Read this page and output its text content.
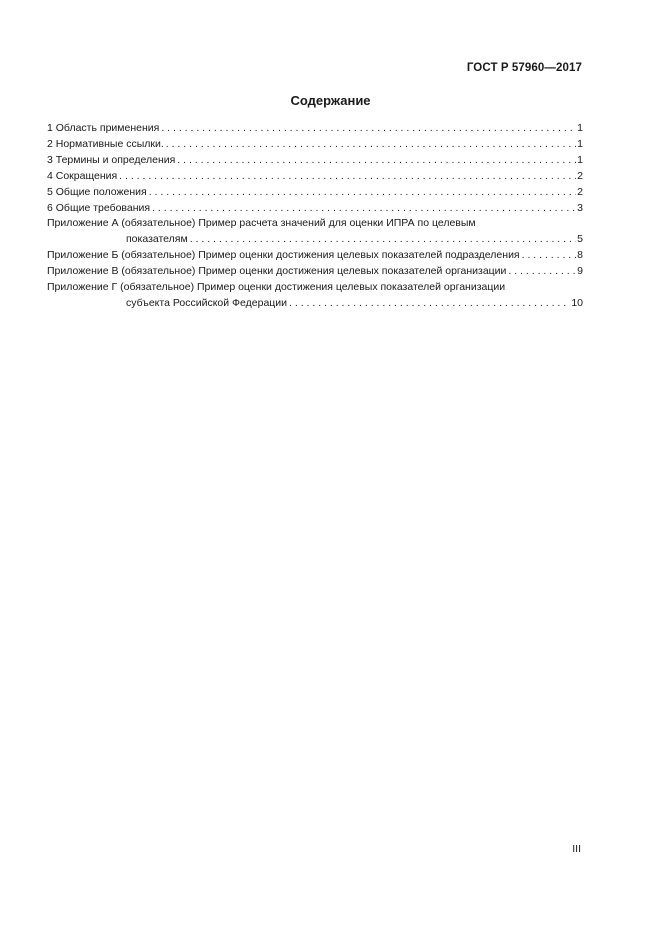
ГОСТ Р 57960—2017
Содержание
1 Область применения . . .	1
2 Нормативные ссылки. . . .	1
3 Термины и определения . . .	1
4 Сокращения . . .	2
5 Общие положения . . .	2
6 Общие требования . . .	3
Приложение А (обязательное) Пример расчета значений для оценки ИПРА по целевым
показателям . . .	5
Приложение Б (обязательное) Пример оценки достижения целевых показателей подразделения . . .	8
Приложение В (обязательное) Пример оценки достижения целевых показателей организации . . .	9
Приложение Г (обязательное) Пример оценки достижения целевых показателей организации
субъекта Российской Федерации . . .	10
III
